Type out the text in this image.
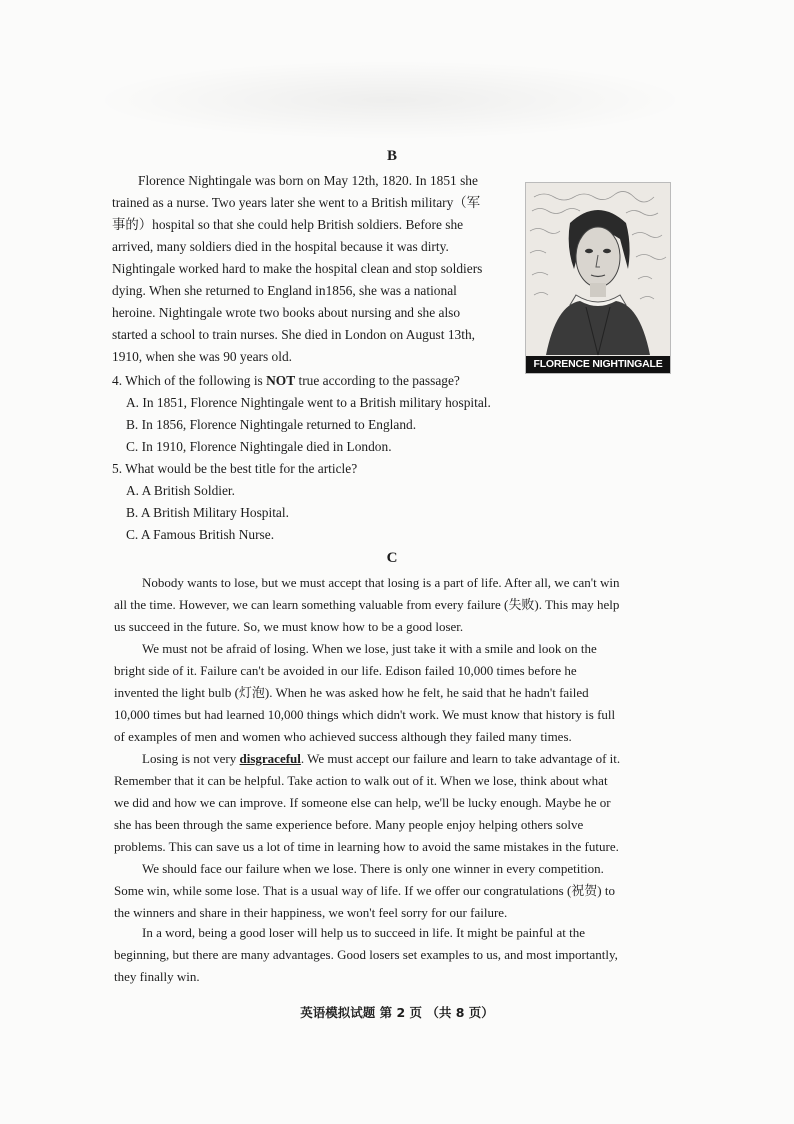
B
Florence Nightingale was born on May 12th, 1820. In 1851 she
trained as a nurse. Two years later she went to a British military（军
事的）hospital so that she could help British soldiers. Before she
arrived, many soldiers died in the hospital because it was dirty.
Nightingale worked hard to make the hospital clean and stop soldiers
dying. When she returned to England in1856, she was a national
heroine. Nightingale wrote two books about nursing and she also
started a school to train nurses. She died in London on August 13th,
1910, when she was 90 years old.	FLORENCE NIGHTINGALE
4. Which of the following is NOT true according to the passage?
A. In 1851, Florence Nightingale went to a British military hospital.
B. In 1856, Florence Nightingale returned to England.
C. In 1910, Florence Nightingale died in London.
5. What would be the best title for the article?
A. A British Soldier.
B. A British Military Hospital.
C. A Famous British Nurse.
C
Nobody wants to lose, but we must accept that losing is a part of life. After all, we can't win
all the time. However, we can learn something valuable from every failure (失败). This may help
us succeed in the future. So, we must know how to be a good loser.
We must not be afraid of losing. When we lose, just take it with a smile and look on the
bright side of it. Failure can't be avoided in our life. Edison failed 10,000 times before he
invented the light bulb (灯泡). When he was asked how he felt, he said that he hadn't failed
10,000 times but had learned 10,000 things which didn't work. We must know that history is full
of examples of men and women who achieved success although they failed many times.
Losing is not very disgraceful. We must accept our failure and learn to take advantage of it.
Remember that it can be helpful. Take action to walk out of it. When we lose, think about what
we did and how we can improve. If someone else can help, we'll be lucky enough. Maybe he or
she has been through the same experience before. Many people enjoy helping others solve
problems. This can save us a lot of time in learning how to avoid the same mistakes in the future.
We should face our failure when we lose. There is only one winner in every competition.
Some win, while some lose. That is a usual way of life. If we offer our congratulations (祝贺) to
the winners and share in their happiness, we won't feel sorry for our failure.
In a word, being a good loser will help us to succeed in life. It might be painful at the
beginning, but there are many advantages. Good losers set examples to us, and most importantly,
they finally win.
英语模拟试题 第 2 页 （共 8 页）
